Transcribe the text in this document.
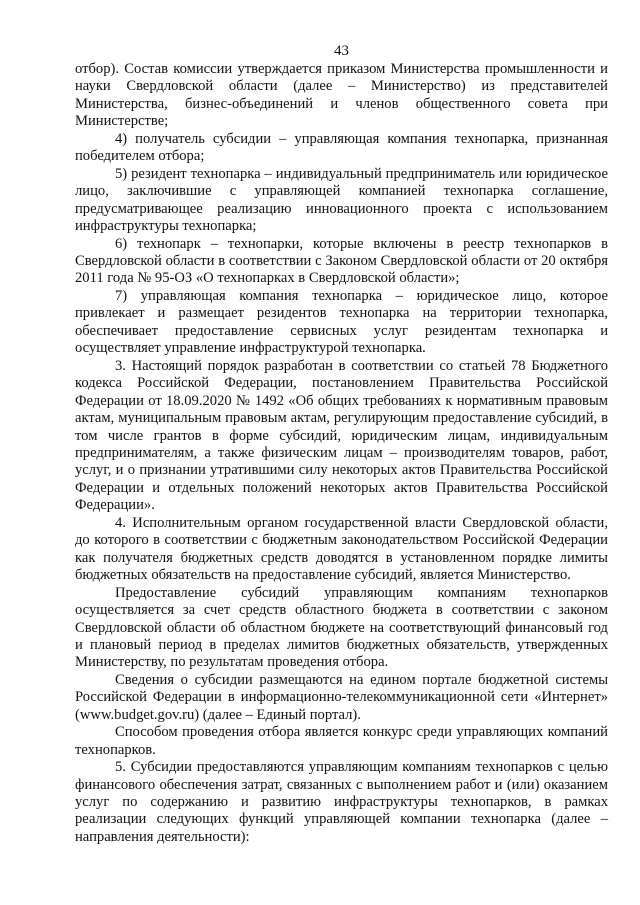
43

отбор). Состав комиссии утверждается приказом Министерства промышленности и науки Свердловской области (далее – Министерство) из представителей Министерства, бизнес-объединений и членов общественного совета при Министерстве;

4) получатель субсидии – управляющая компания технопарка, признанная победителем отбора;

5) резидент технопарка – индивидуальный предприниматель или юридическое лицо, заключившие с управляющей компанией технопарка соглашение, предусматривающее реализацию инновационного проекта с использованием инфраструктуры технопарка;

6) технопарк – технопарки, которые включены в реестр технопарков в Свердловской области в соответствии с Законом Свердловской области от 20 октября 2011 года № 95-ОЗ «О технопарках в Свердловской области»;

7) управляющая компания технопарка – юридическое лицо, которое привлекает и размещает резидентов технопарка на территории технопарка, обеспечивает предоставление сервисных услуг резидентам технопарка и осуществляет управление инфраструктурой технопарка.

3. Настоящий порядок разработан в соответствии со статьей 78 Бюджетного кодекса Российской Федерации, постановлением Правительства Российской Федерации от 18.09.2020 № 1492 «Об общих требованиях к нормативным правовым актам, муниципальным правовым актам, регулирующим предоставление субсидий, в том числе грантов в форме субсидий, юридическим лицам, индивидуальным предпринимателям, а также физическим лицам – производителям товаров, работ, услуг, и о признании утратившими силу некоторых актов Правительства Российской Федерации и отдельных положений некоторых актов Правительства Российской Федерации».

4. Исполнительным органом государственной власти Свердловской области, до которого в соответствии с бюджетным законодательством Российской Федерации как получателя бюджетных средств доводятся в установленном порядке лимиты бюджетных обязательств на предоставление субсидий, является Министерство.

Предоставление субсидий управляющим компаниям технопарков осуществляется за счет средств областного бюджета в соответствии с законом Свердловской области об областном бюджете на соответствующий финансовый год и плановый период в пределах лимитов бюджетных обязательств, утвержденных Министерству, по результатам проведения отбора.

Сведения о субсидии размещаются на едином портале бюджетной системы Российской Федерации в информационно-телекоммуникационной сети «Интернет» (www.budget.gov.ru) (далее – Единый портал).

Способом проведения отбора является конкурс среди управляющих компаний технопарков.

5. Субсидии предоставляются управляющим компаниям технопарков с целью финансового обеспечения затрат, связанных с выполнением работ и (или) оказанием услуг по содержанию и развитию инфраструктуры технопарков, в рамках реализации следующих функций управляющей компании технопарка (далее – направления деятельности):
